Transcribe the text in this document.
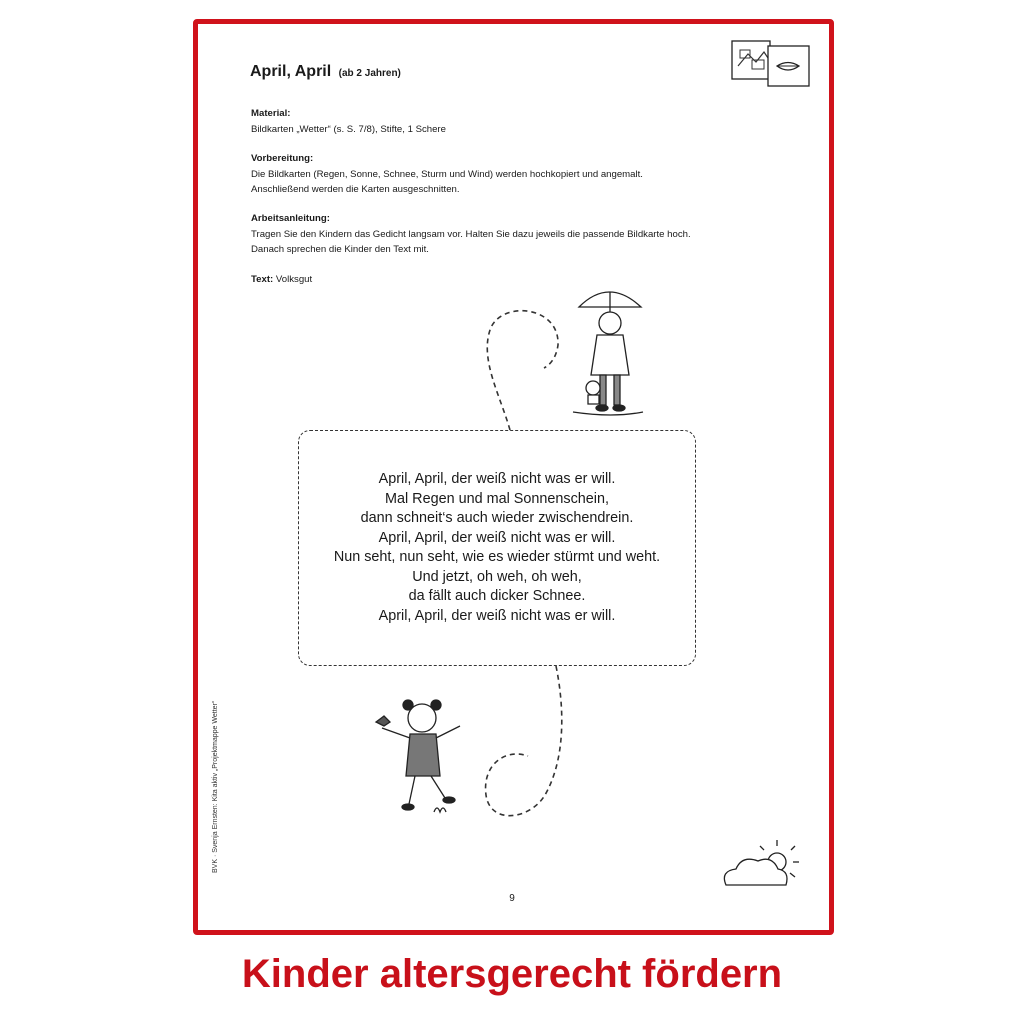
April, April (ab 2 Jahren)
Material:
Bildkarten „Wetter“ (s. S. 7/8), Stifte, 1 Schere
Vorbereitung:
Die Bildkarten (Regen, Sonne, Schnee, Sturm und Wind) werden hochkopiert und angemalt.
Anschließend werden die Karten ausgeschnitten.
Arbeitsanleitung:
Tragen Sie den Kindern das Gedicht langsam vor. Halten Sie dazu jeweils die passende Bildkarte hoch.
Danach sprechen die Kinder den Text mit.
Text: Volksgut
April, April, der weiß nicht was er will.
Mal Regen und mal Sonnenschein,
dann schneit‘s auch wieder zwischendrein.
April, April, der weiß nicht was er will.
Nun seht, nun seht, wie es wieder stürmt und weht.
Und jetzt, oh weh, oh weh,
da fällt auch dicker Schnee.
April, April, der weiß nicht was er will.
BVK · Svenja Ernsten: Kita aktiv „Projektmappe Wetter“
9
Kinder altersgerecht fördern
